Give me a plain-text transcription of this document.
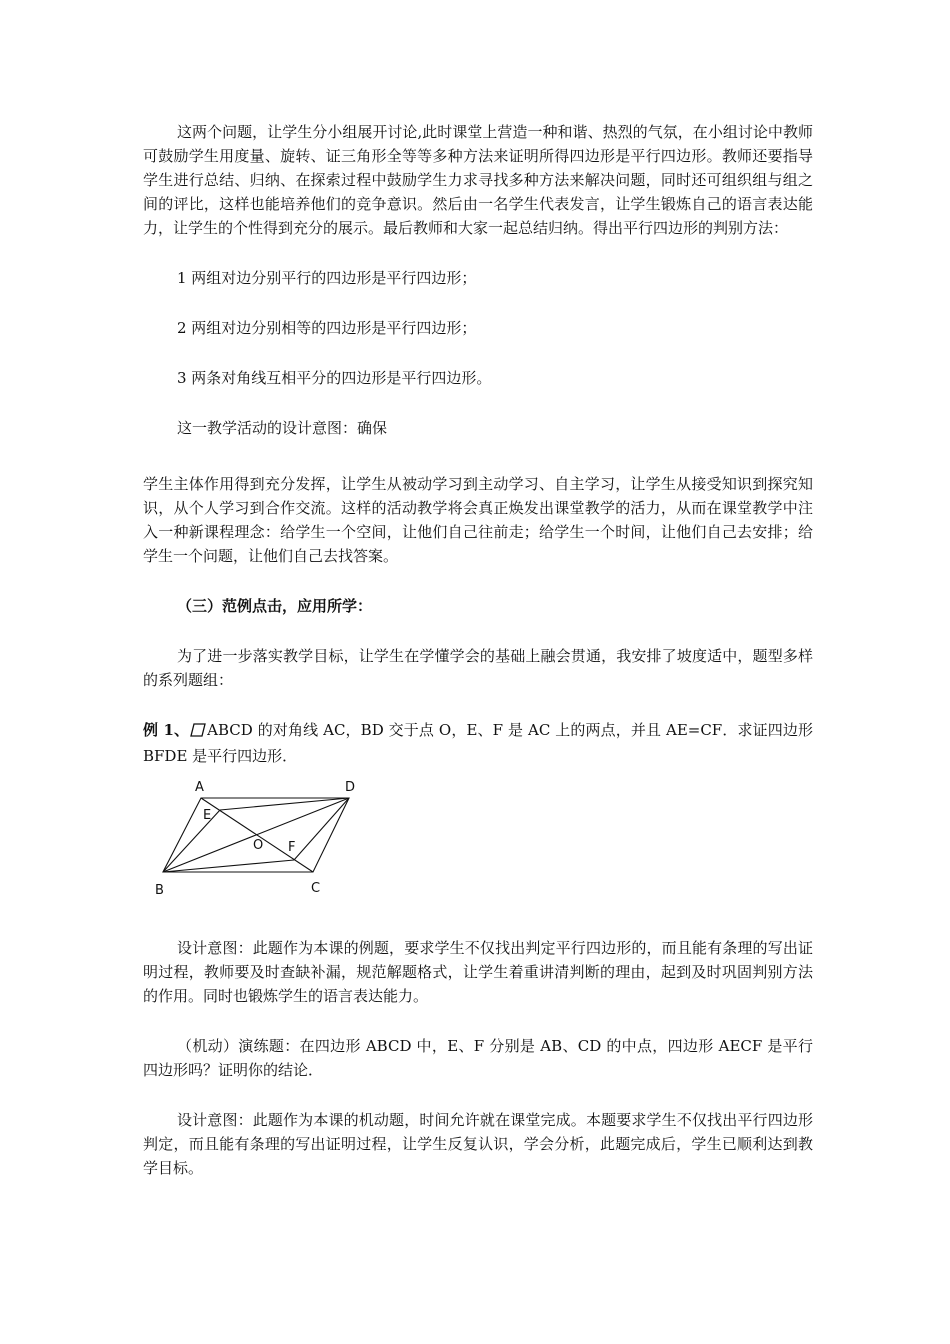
这两个问题，让学生分小组展开讨论,此时课堂上营造一种和谐、热烈的气氛，在小组讨论中教师可鼓励学生用度量、旋转、证三角形全等等多种方法来证明所得四边形是平行四边形。教师还要指导学生进行总结、归纳、在探索过程中鼓励学生力求寻找多种方法来解决问题，同时还可组织组与组之间的评比，这样也能培养他们的竞争意识。然后由一名学生代表发言，让学生锻炼自己的语言表达能力，让学生的个性得到充分的展示。最后教师和大家一起总结归纳。得出平行四边形的判别方法：

1 两组对边分别平行的四边形是平行四边形；

2 两组对边分别相等的四边形是平行四边形；

3 两条对角线互相平分的四边形是平行四边形。

这一教学活动的设计意图：确保

学生主体作用得到充分发挥，让学生从被动学习到主动学习、自主学习，让学生从接受知识到探究知识，从个人学习到合作交流。这样的活动教学将会真正焕发出课堂教学的活力，从而在课堂教学中注入一种新课程理念：给学生一个空间，让他们自己往前走；给学生一个时间，让他们自己去安排；给学生一个问题，让他们自己去找答案。

（三）范例点击，应用所学：

为了进一步落实教学目标，让学生在学懂学会的基础上融会贯通，我安排了坡度适中，题型多样的系列题组：

例 1、 ABCD 的对角线 AC，BD 交于点 O，E、F 是 AC 上的两点，并且 AE=CF．求证四边形 BFDE 是平行四边形．

A	D
E
O F
B	C

设计意图：此题作为本课的例题，要求学生不仅找出判定平行四边形的，而且能有条理的写出证明过程，教师要及时查缺补漏，规范解题格式，让学生着重讲清判断的理由，起到及时巩固判别方法的作用。同时也锻炼学生的语言表达能力。

（机动）演练题：在四边形 ABCD 中，E、F 分别是 AB、CD 的中点，四边形 AECF 是平行四边形吗？证明你的结论．

设计意图：此题作为本课的机动题，时间允许就在课堂完成。本题要求学生不仅找出平行四边形判定，而且能有条理的写出证明过程，让学生反复认识，学会分析，此题完成后，学生已顺利达到教学目标。
